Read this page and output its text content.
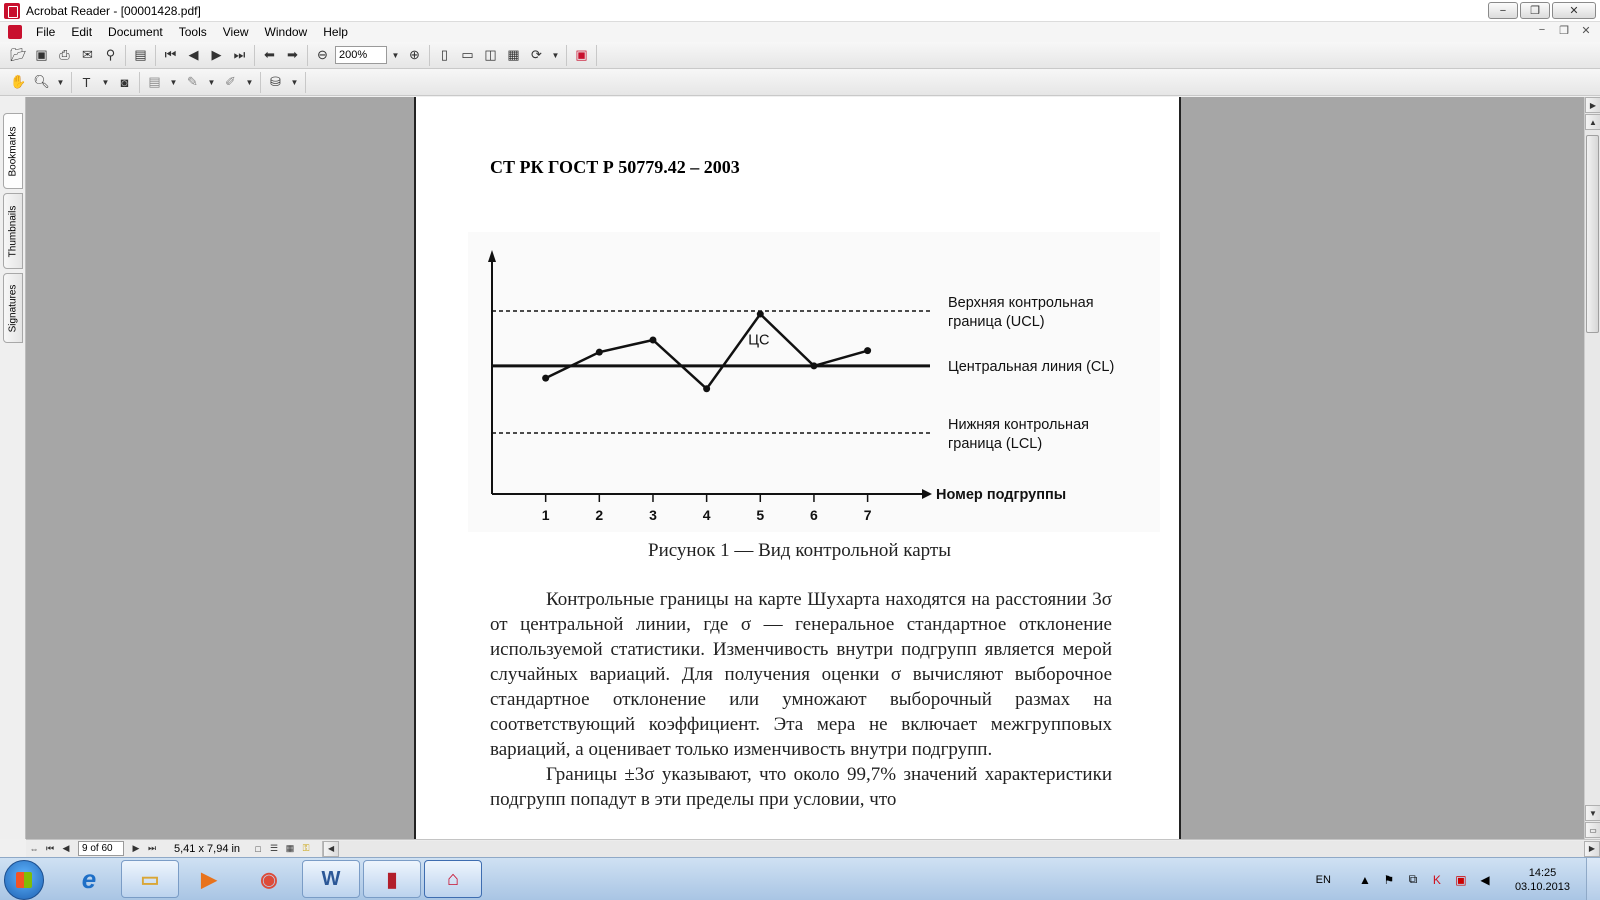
Acrobat Reader - [00001428.pdf]	−	❐	✕
File	Edit	Document	Tools	View	Window	Help	−	❐	✕
📂︎ ▣ ⎙ ✉ ⚲	▤	⏮ ◀	▶ ⏭	⬅ ➡	⊖	200%	▼ ⊕	▯	▭ ◫ ▦ ⟳	▼	▣
✋ 🔍︎ ▼	T	▼ ◙	▤	▼ ✎	▼ ✐	▼	⛁	▼
Bookmarks
Thumbnails
Signatures
СТ РК ГОСТ Р 50779.42 – 2003
Верхняя контрольная
граница (UCL)
Центральная линия (CL)
Нижняя контрольная
граница (LCL)
1	2	3	4	5	6	7
ЦС
Номер подгруппы
Рисунок 1 — Вид контрольной карты

Контрольные границы на карте Шухарта находятся на расстоянии 3σ от центральной линии, где σ — генеральное стандартное отклонение используемой статистики. Изменчивость внутри подгрупп является мерой случайных вариаций. Для получения оценки σ вычисляют выборочное стандартное отклонение или умножают выборочный размах на соответствующий коэффициент. Эта мера не включает межгрупповых вариаций, а оценивает только изменчивость внутри подгрупп.

Границы ±3σ указывают, что около 99,7% значений характеристики подгрупп попадут в эти пределы при условии, что

▶
▲
▼
▭
⇔ ⏮ ◀	9 of 60	▶ ⏭	5,41 x 7,94 in	□	☰ ▦ ⚿	◀	▶
e	▭	▶	◉	W	▮	⌂	EN ▲ ⚑	⧉	K	▣ ◀	14:25
03.10.2013
